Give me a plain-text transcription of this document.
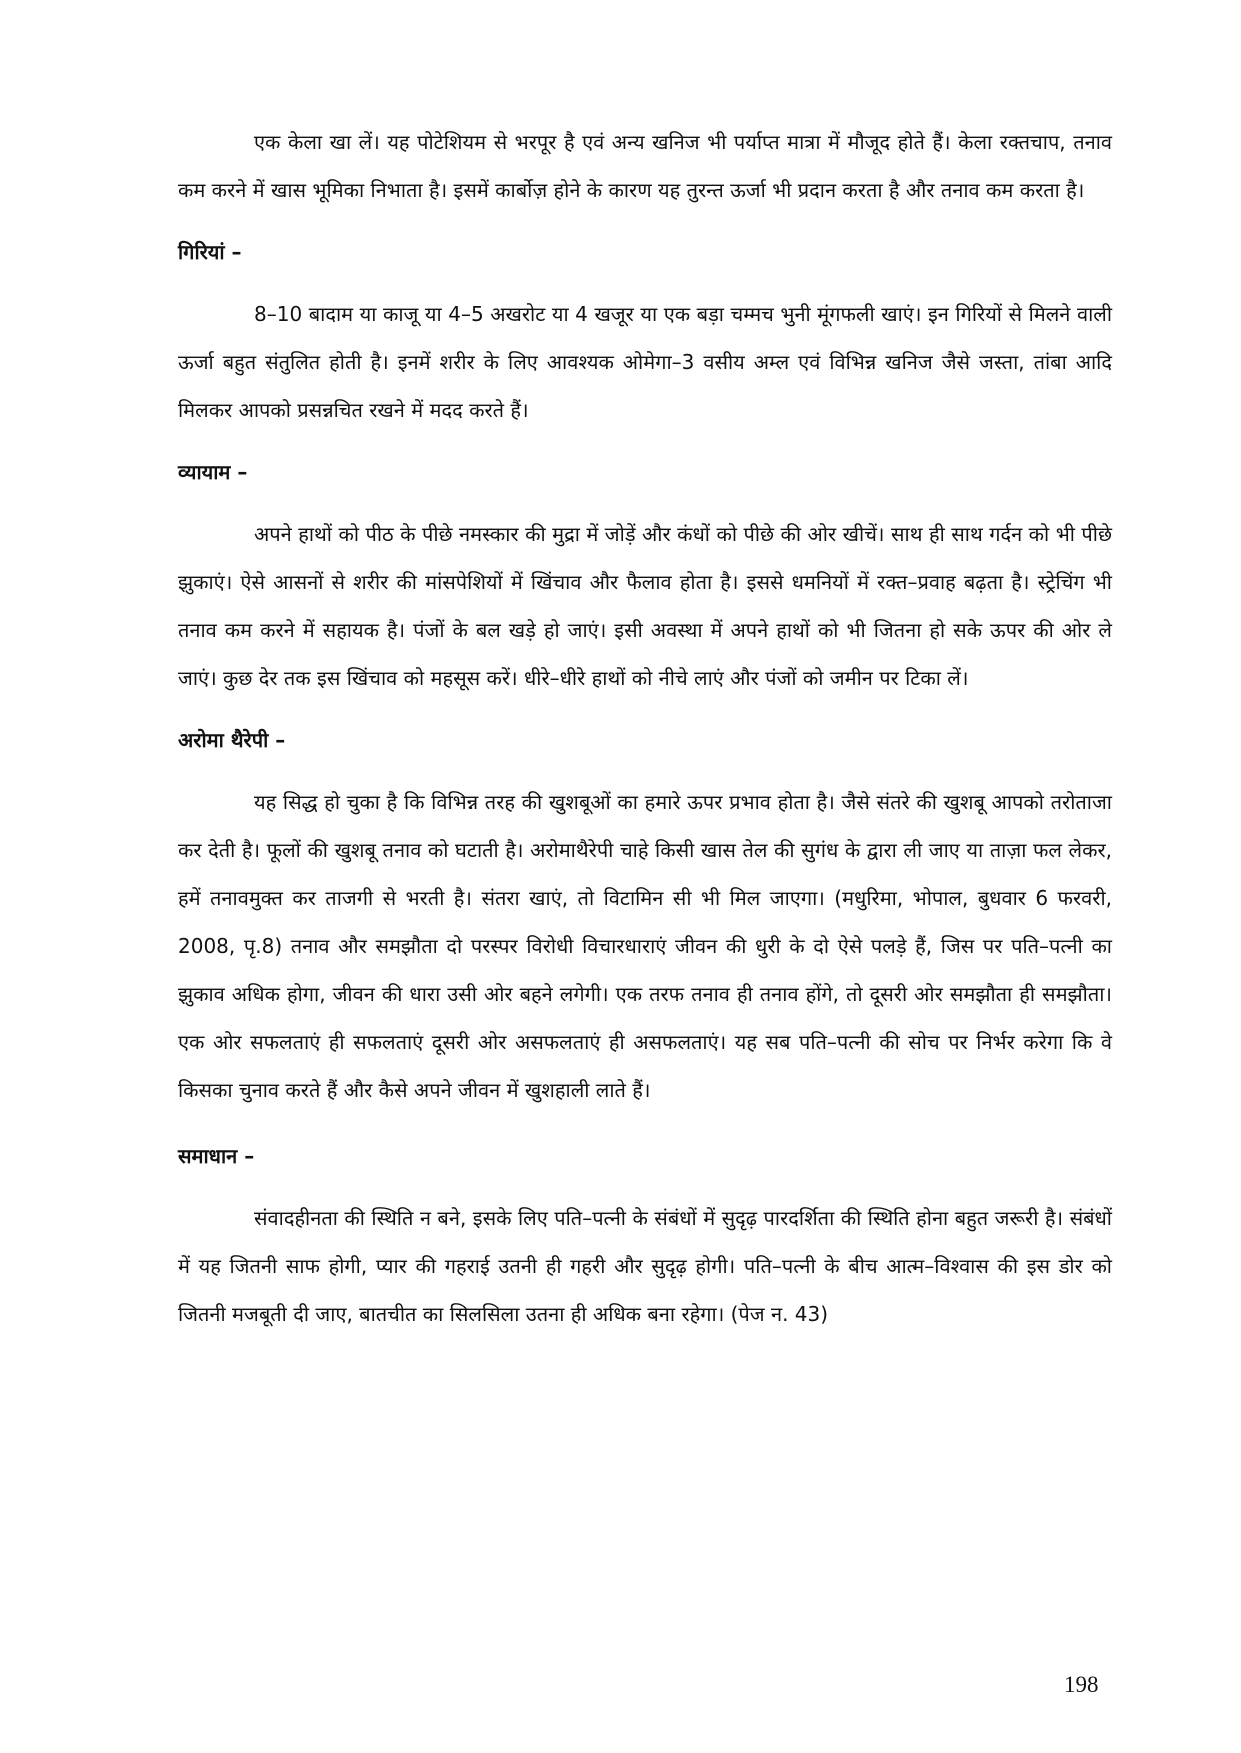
एक केला खा लें। यह पोटेशियम से भरपूर है एवं अन्य खनिज भी पर्याप्त मात्रा में मौजूद होते हैं। केला रक्तचाप, तनाव कम करने में खास भूमिका निभाता है। इसमें कार्बोज़ होने के कारण यह तुरन्त ऊर्जा भी प्रदान करता है और तनाव कम करता है।

गिरियां –

8–10 बादाम या काजू या 4–5 अखरोट या 4 खजूर या एक बड़ा चम्मच भुनी मूंगफली खाएं। इन गिरियों से मिलने वाली ऊर्जा बहुत संतुलित होती है। इनमें शरीर के लिए आवश्यक ओमेगा–3 वसीय अम्ल एवं विभिन्न खनिज जैसे जस्ता, तांबा आदि मिलकर आपको प्रसन्नचित रखने में मदद करते हैं।

व्यायाम –

अपने हाथों को पीठ के पीछे नमस्कार की मुद्रा में जोड़ें और कंधों को पीछे की ओर खीचें। साथ ही साथ गर्दन को भी पीछे झुकाएं। ऐसे आसनों से शरीर की मांसपेशियों में खिंचाव और फैलाव होता है। इससे धमनियों में रक्त–प्रवाह बढ़ता है। स्ट्रेचिंग भी तनाव कम करने में सहायक है। पंजों के बल खड़े हो जाएं। इसी अवस्था में अपने हाथों को भी जितना हो सके ऊपर की ओर ले जाएं। कुछ देर तक इस खिंचाव को महसूस करें। धीरे–धीरे हाथों को नीचे लाएं और पंजों को जमीन पर टिका लें।

अरोमा थैरेपी –

यह सिद्ध हो चुका है कि विभिन्न तरह की खुशबूओं का हमारे ऊपर प्रभाव होता है। जैसे संतरे की खुशबू आपको तरोताजा कर देती है। फूलों की खुशबू तनाव को घटाती है। अरोमाथैरेपी चाहे किसी खास तेल की सुगंध के द्वारा ली जाए या ताज़ा फल लेकर, हमें तनावमुक्त कर ताजगी से भरती है। संतरा खाएं, तो विटामिन सी भी मिल जाएगा। (मधुरिमा, भोपाल, बुधवार 6 फरवरी, 2008, पृ.8) तनाव और समझौता दो परस्पर विरोधी विचारधाराएं जीवन की धुरी के दो ऐसे पलड़े हैं, जिस पर पति–पत्नी का झुकाव अधिक होगा, जीवन की धारा उसी ओर बहने लगेगी। एक तरफ तनाव ही तनाव होंगे, तो दूसरी ओर समझौता ही समझौता। एक ओर सफलताएं ही सफलताएं दूसरी ओर असफलताएं ही असफलताएं। यह सब पति–पत्नी की सोच पर निर्भर करेगा कि वे किसका चुनाव करते हैं और कैसे अपने जीवन में खुशहाली लाते हैं।

समाधान –

संवादहीनता की स्थिति न बने, इसके लिए पति–पत्नी के संबंधों में सुदृढ़ पारदर्शिता की स्थिति होना बहुत जरूरी है। संबंधों में यह जितनी साफ होगी, प्यार की गहराई उतनी ही गहरी और सुदृढ़ होगी। पति–पत्नी के बीच आत्म–विश्वास की इस डोर को जितनी मजबूती दी जाए, बातचीत का सिलसिला उतना ही अधिक बना रहेगा। (पेज न. 43)

198
